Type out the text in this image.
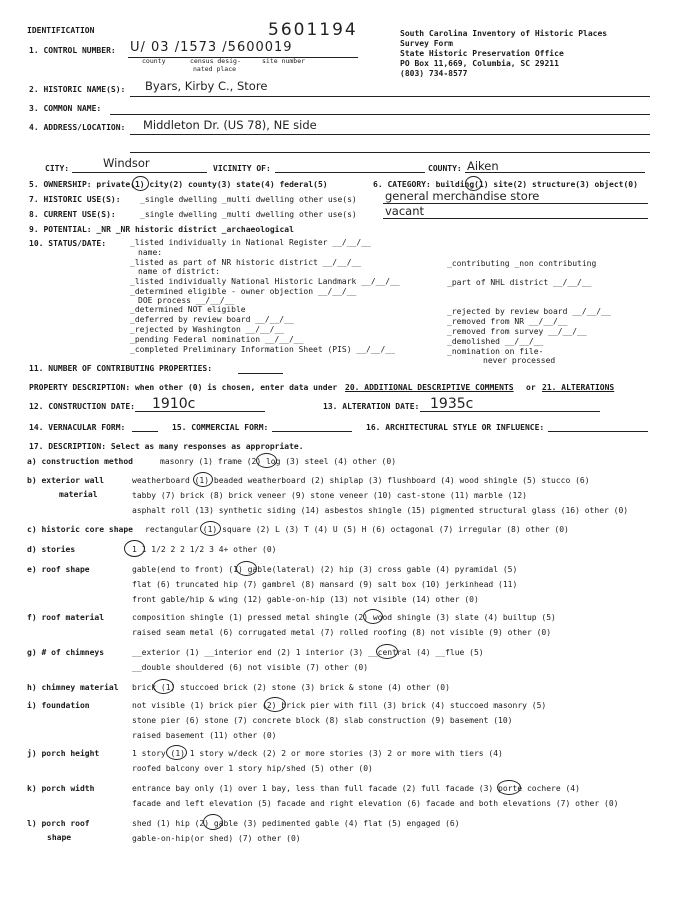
IDENTIFICATION	5601194	South Carolina Inventory of Historic Places
Survey Form
State Historic Preservation Office
PO Box 11,669, Columbia, SC 29211
(803) 734-8577
1. CONTROL NUMBER: U/ 03 /1573 /5600019
county	census desig-
nated place
site number
2. HISTORIC NAME(S): Byars, Kirby C., Store
3. COMMON NAME:
4. ADDRESS/LOCATION: Middleton Dr. (US 78), NE side
CITY:	Windsor	VICINITY OF:	COUNTY: Aiken
5. OWNERSHIP: private(1) city(2) county(3) state(4) federal(5)	6. CATEGORY: building(1) site(2) structure(3) object(0)
7. HISTORIC USE(S): _single dwelling _multi dwelling other use(s) general merchandise store
8. CURRENT USE(S):	_single dwelling _multi dwelling other use(s) vacant
9. POTENTIAL: _NR _NR historic district _archaeological
10. STATUS/DATE:	_listed individually in National Register __/__/__
name:
_listed as part of NR historic district __/__/__
name of district:
_listed individually National Historic Landmark __/__/__
_determined eligible - owner objection __/__/__
DOE process __/__/__
_determined NOT eligible
_deferred by review board __/__/__
_rejected by Washington __/__/__
_pending Federal nomination __/__/__
_completed Preliminary Information Sheet (PIS) __/__/__
_contributing _non contributing
_part of NHL district __/__/__
_rejected by review board __/__/__
_removed from NR __/__/__
_removed from survey __/__/__
_demolished __/__/__
_nomination on file-
never processed
11. NUMBER OF CONTRIBUTING PROPERTIES:
PROPERTY DESCRIPTION: when other (0) is chosen, enter data under 20. ADDITIONAL DESCRIPTIVE COMMENTS or 21. ALTERATIONS
12. CONSTRUCTION DATE: 1910c	13. ALTERATION DATE: 1935c
14. VERNACULAR FORM:	15. COMMERCIAL FORM:	16. ARCHITECTURAL STYLE OR INFLUENCE:
17. DESCRIPTION: Select as many responses as appropriate.
a) construction method	masonry (1) frame (2) log (3) steel (4) other (0)
b) exterior wall
material
weatherboard (1) beaded weatherboard (2) shiplap (3) flushboard (4) wood shingle (5) stucco (6)
tabby (7) brick (8) brick veneer (9) stone veneer (10) cast-stone (11) marble (12)
asphalt roll (13) synthetic siding (14) asbestos shingle (15) pigmented structural glass (16) other (0)
c) historic core shape rectangular (1) square (2) L (3) T (4) U (5) H (6) octagonal (7) irregular (8) other (0)
d) stories	1 1 1/2 2 2 1/2 3 4+ other (0)
e) roof shape	gable(end to front) (1) gable(lateral) (2) hip (3) cross gable (4) pyramidal (5)
flat (6) truncated hip (7) gambrel (8) mansard (9) salt box (10) jerkinhead (11)
front gable/hip & wing (12) gable-on-hip (13) not visible (14) other (0)
f) roof material	composition shingle (1) pressed metal shingle (2) wood shingle (3) slate (4) builtup (5)
raised seam metal (6) corrugated metal (7) rolled roofing (8) not visible (9) other (0)
g) # of chimneys	__exterior (1) __interior end (2) 1 interior (3) __central (4) __flue (5)
__double shouldered (6) not visible (7) other (0)
h) chimney material brick (1) stuccoed brick (2) stone (3) brick & stone (4) other (0)
i) foundation	not visible (1) brick pier (2) brick pier with fill (3) brick (4) stuccoed masonry (5)
stone pier (6) stone (7) concrete block (8) slab construction (9) basement (10)
raised basement (11) other (0)
j) porch height	1 story (1) 1 story w/deck (2) 2 or more stories (3) 2 or more with tiers (4)
roofed balcony over 1 story hip/shed (5) other (0)
k) porch width	entrance bay only (1) over 1 bay, less than full facade (2) full facade (3) porte cochere (4)
facade and left elevation (5) facade and right elevation (6) facade and both elevations (7) other (0)
l) porch roof
shape
shed (1) hip (2) gable (3) pedimented gable (4) flat (5) engaged (6)
gable-on-hip(or shed) (7) other (0)
